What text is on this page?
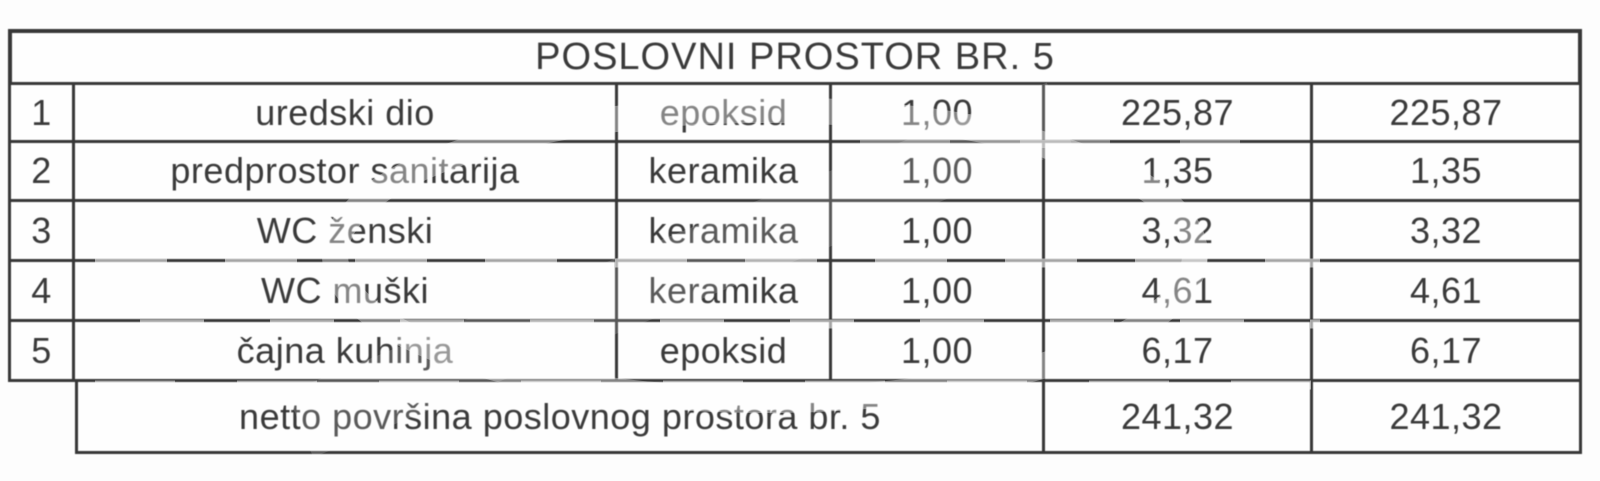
POSLOVNI PROSTOR BR. 5
1	uredski dio	epoksid	1,00	225,87	225,87
2	predprostor sanitarija	keramika	1,00	1,35	1,35
3	WC ženski	keramika	1,00	3,32	3,32
4	WC muški	keramika	1,00	4,61	4,61
5	čajna kuhinja	epoksid	1,00	6,17	6,17
netto površina poslovnog prostora br. 5	241,32	241,32
